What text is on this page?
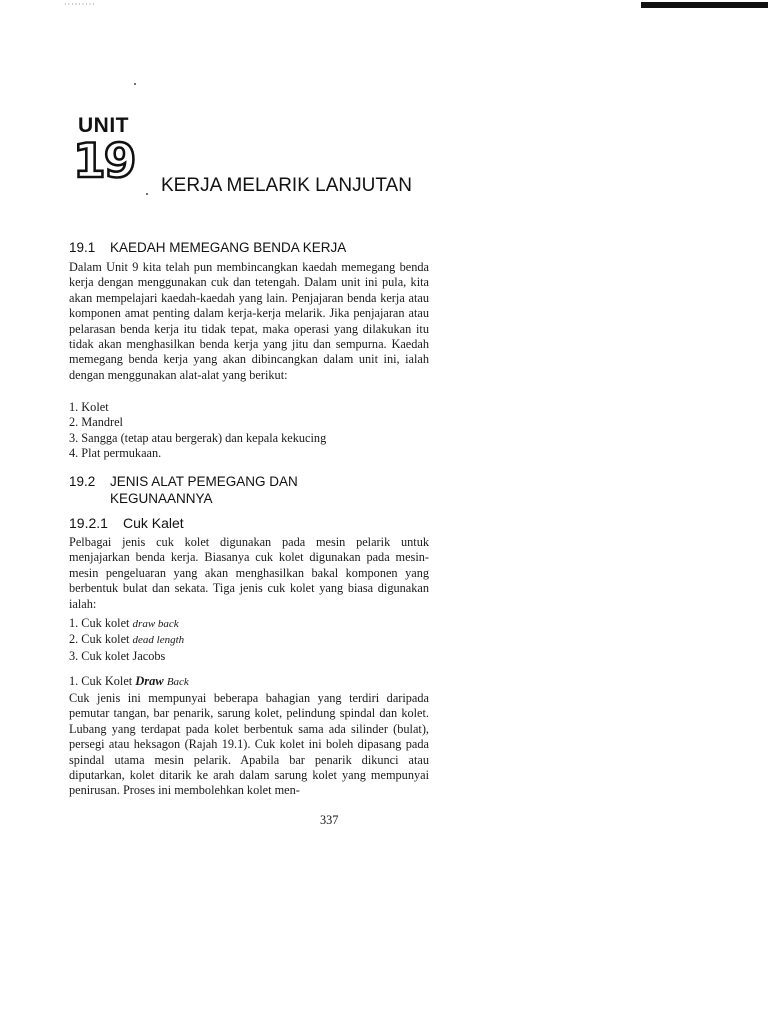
·········
UNIT
19 KERJA MELARIK LANJUTAN
19.1 KAEDAH MEMEGANG BENDA KERJA

Dalam Unit 9 kita telah pun membincangkan kaedah memegang benda kerja dengan menggunakan cuk dan tetengah. Dalam unit ini pula, kita akan mempelajari kaedah-kaedah yang lain. Penjajaran benda kerja atau komponen amat penting dalam kerja-kerja melarik. Jika penjajaran atau pelarasan benda kerja itu tidak tepat, maka operasi yang dilakukan itu tidak akan menghasilkan benda kerja yang jitu dan sempurna. Kaedah memegang benda kerja yang akan dibincangkan dalam unit ini, ialah dengan menggunakan alat-alat yang berikut:

1. Kolet
2. Mandrel
3. Sangga (tetap atau bergerak) dan kepala kekucing
4. Plat permukaan.
19.2 JENIS ALAT PEMEGANG DAN
KEGUNAANNYA
19.2.1 Cuk Kalet

Pelbagai jenis cuk kolet digunakan pada mesin pelarik untuk menjajarkan benda kerja. Biasanya cuk kolet digunakan pada mesin-mesin pengeluaran yang akan menghasilkan bakal komponen yang berbentuk bulat dan sekata. Tiga jenis cuk kolet yang biasa digunakan ialah:

1. Cuk kolet draw back
2. Cuk kolet dead length
3. Cuk kolet Jacobs
1. Cuk Kolet Draw Back

Cuk jenis ini mempunyai beberapa bahagian yang terdiri daripada pemutar tangan, bar penarik, sarung kolet, pelindung spindal dan kolet. Lubang yang terdapat pada kolet berbentuk sama ada silinder (bulat), persegi atau heksagon (Rajah 19.1). Cuk kolet ini boleh dipasang pada spindal utama mesin pelarik. Apabila bar penarik dikunci atau diputarkan, kolet ditarik ke arah dalam sarung kolet yang mempunyai penirusan. Proses ini membolehkan kolet men-

337
